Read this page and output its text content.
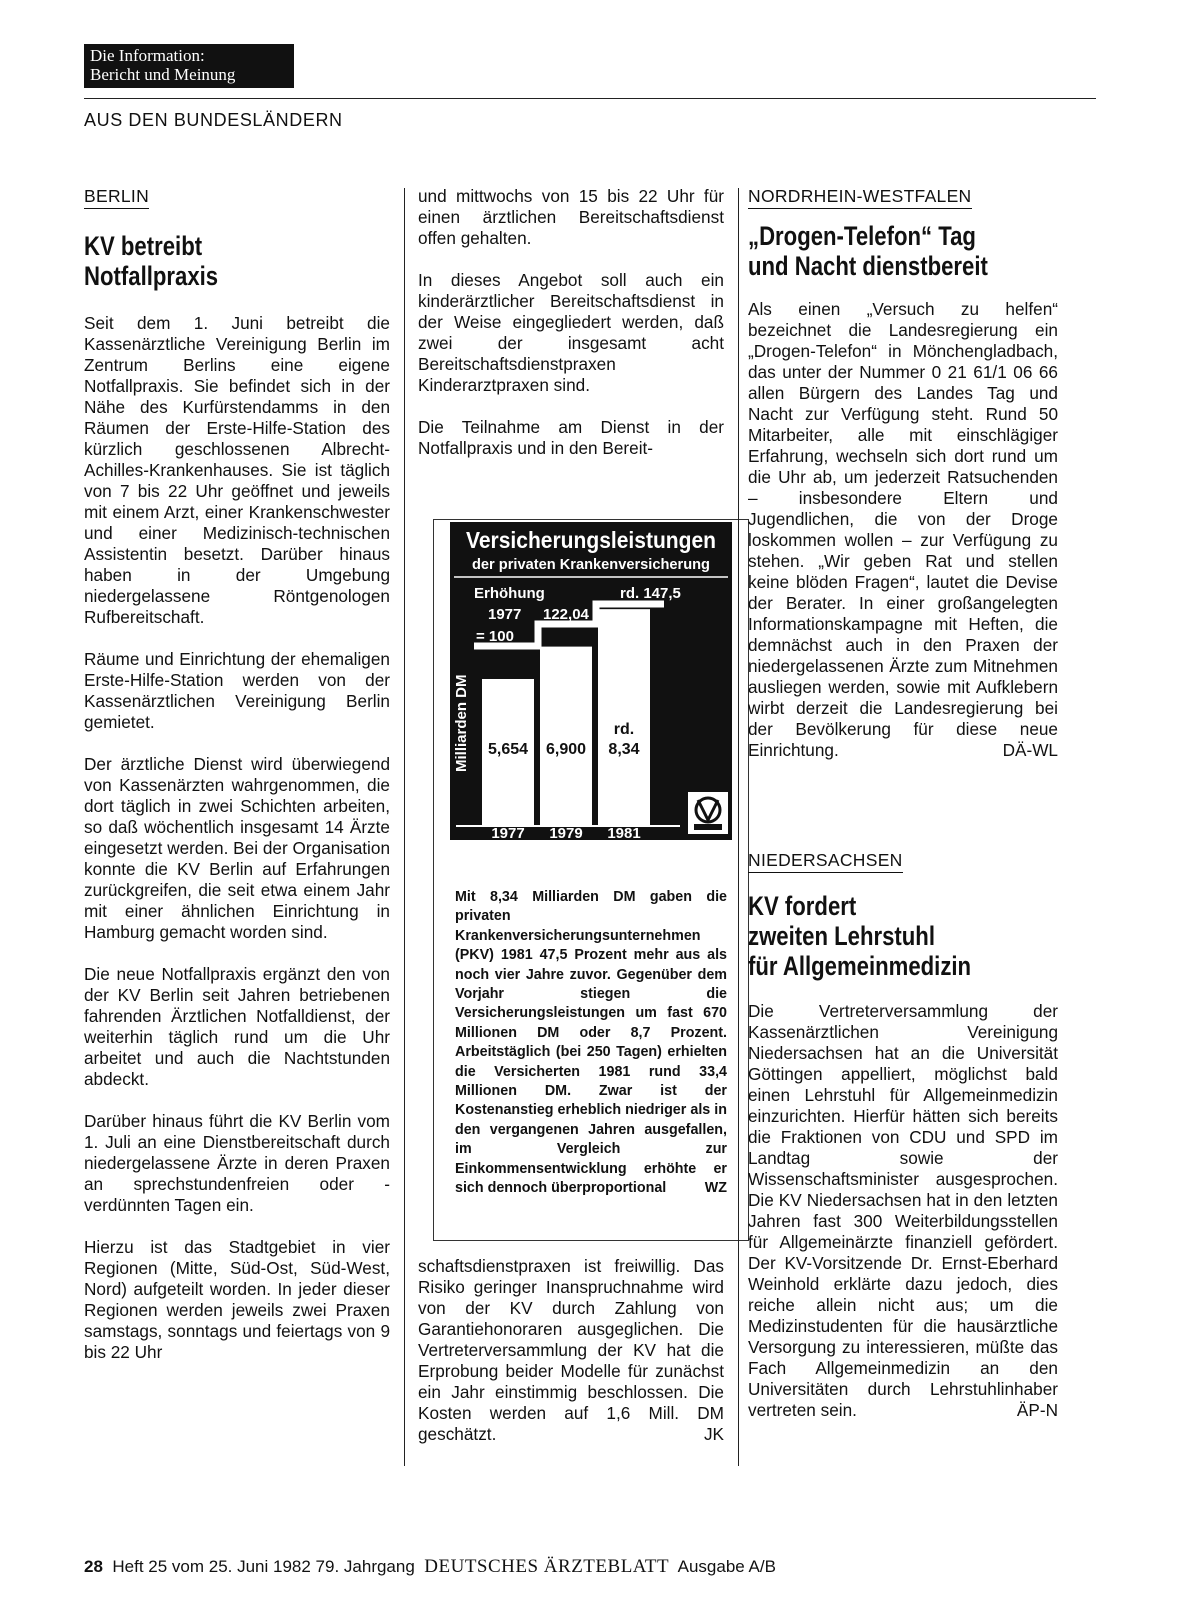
Die Information:
Bericht und Meinung
AUS DEN BUNDESLÄNDERN
BERLIN
KV betreibt
Notfallpraxis

Seit dem 1. Juni betreibt die Kassenärztliche Vereinigung Berlin im Zentrum Berlins eine eigene Notfallpraxis. Sie befindet sich in der Nähe des Kurfürstendamms in den Räumen der Erste-Hilfe-Station des kürzlich geschlossenen Albrecht-Achilles-Krankenhauses. Sie ist täglich von 7 bis 22 Uhr geöffnet und jeweils mit einem Arzt, einer Krankenschwester und einer Medizinisch-technischen Assistentin besetzt. Darüber hinaus haben in der Umgebung niedergelassene Röntgenologen Rufbereitschaft.

Räume und Einrichtung der ehemaligen Erste-Hilfe-Station werden von der Kassenärztlichen Vereinigung Berlin gemietet.

Der ärztliche Dienst wird überwiegend von Kassenärzten wahrgenommen, die dort täglich in zwei Schichten arbeiten, so daß wöchentlich insgesamt 14 Ärzte eingesetzt werden. Bei der Organisation konnte die KV Berlin auf Erfahrungen zurückgreifen, die seit etwa einem Jahr mit einer ähnlichen Einrichtung in Hamburg gemacht worden sind.

Die neue Notfallpraxis ergänzt den von der KV Berlin seit Jahren betriebenen fahrenden Ärztlichen Notfalldienst, der weiterhin täglich rund um die Uhr arbeitet und auch die Nachtstunden abdeckt.

Darüber hinaus führt die KV Berlin vom 1. Juli an eine Dienstbereitschaft durch niedergelassene Ärzte in deren Praxen an sprechstundenfreien oder -verdünnten Tagen ein.

Hierzu ist das Stadtgebiet in vier Regionen (Mitte, Süd-Ost, Süd-West, Nord) aufgeteilt worden. In jeder dieser Regionen werden jeweils zwei Praxen samstags, sonntags und feiertags von 9 bis 22 Uhr

und mittwochs von 15 bis 22 Uhr für einen ärztlichen Bereitschaftsdienst offen gehalten.

In dieses Angebot soll auch ein kinderärztlicher Bereitschaftsdienst in der Weise eingegliedert werden, daß zwei der insgesamt acht Bereitschaftsdienstpraxen Kinderarztpraxen sind.

Die Teilnahme am Dienst in der Notfallpraxis und in den Bereit-

Versicherungsleistungen
der privaten Krankenversicherung
Erhöhung
1977
= 100
122,04
rd. 147,5
Milliarden DM 5,654 6,900
rd.
8,34
1977 1979 1981
Mit 8,34 Milliarden DM gaben die privaten Krankenversicherungsunternehmen (PKV) 1981 47,5 Prozent mehr aus als noch vier Jahre zuvor. Gegenüber dem Vorjahr stiegen die Versicherungsleistungen um fast 670 Millionen DM oder 8,7 Prozent. Arbeitstäglich (bei 250 Tagen) erhielten die Versicherten 1981 rund 33,4 Millionen DM. Zwar ist der Kostenanstieg erheblich niedriger als in den vergangenen Jahren ausgefallen, im Vergleich zur Einkommensentwicklung erhöhte er sich dennoch überproportional	WZ
schaftsdienstpraxen ist freiwillig. Das Risiko geringer Inanspruchnahme wird von der KV durch Zahlung von Garantiehonoraren ausgeglichen. Die Vertreterversammlung der KV hat die Erprobung beider Modelle für zunächst ein Jahr einstimmig beschlossen. Die Kosten werden auf 1,6 Mill. DM geschätzt.	JK
NORDRHEIN-WESTFALEN
„Drogen-Telefon“ Tag
und Nacht dienstbereit
Als einen „Versuch zu helfen“ bezeichnet die Landesregierung ein „Drogen-Telefon“ in Mönchengladbach, das unter der Nummer 0 21 61/1 06 66 allen Bürgern des Landes Tag und Nacht zur Verfügung steht. Rund 50 Mitarbeiter, alle mit einschlägiger Erfahrung, wechseln sich dort rund um die Uhr ab, um jederzeit Ratsuchenden – insbesondere Eltern und Jugendlichen, die von der Droge loskommen wollen – zur Verfügung zu stehen. „Wir geben Rat und stellen keine blöden Fragen“, lautet die Devise der Berater. In einer großangelegten Informationskampagne mit Heften, die demnächst auch in den Praxen der niedergelassenen Ärzte zum Mitnehmen ausliegen werden, sowie mit Aufklebern wirbt derzeit die Landesregierung bei der Bevölkerung für diese neue Einrichtung.	DÄ-WL
NIEDERSACHSEN
KV fordert
zweiten Lehrstuhl
für Allgemeinmedizin
Die Vertreterversammlung der Kassenärztlichen Vereinigung Niedersachsen hat an die Universität Göttingen appelliert, möglichst bald einen Lehrstuhl für Allgemeinmedizin einzurichten. Hierfür hätten sich bereits die Fraktionen von CDU und SPD im Landtag sowie der Wissenschaftsminister ausgesprochen. Die KV Niedersachsen hat in den letzten Jahren fast 300 Weiterbildungsstellen für Allgemeinärzte finanziell gefördert. Der KV-Vorsitzende Dr. Ernst-Eberhard Weinhold erklärte dazu jedoch, dies reiche allein nicht aus; um die Medizinstudenten für die hausärztliche Versorgung zu interessieren, müßte das Fach Allgemeinmedizin an den Universitäten durch Lehrstuhlinhaber vertreten sein.	ÄP-N
28 Heft 25 vom 25. Juni 1982 79. Jahrgang DEUTSCHES ÄRZTEBLATT Ausgabe A/B
